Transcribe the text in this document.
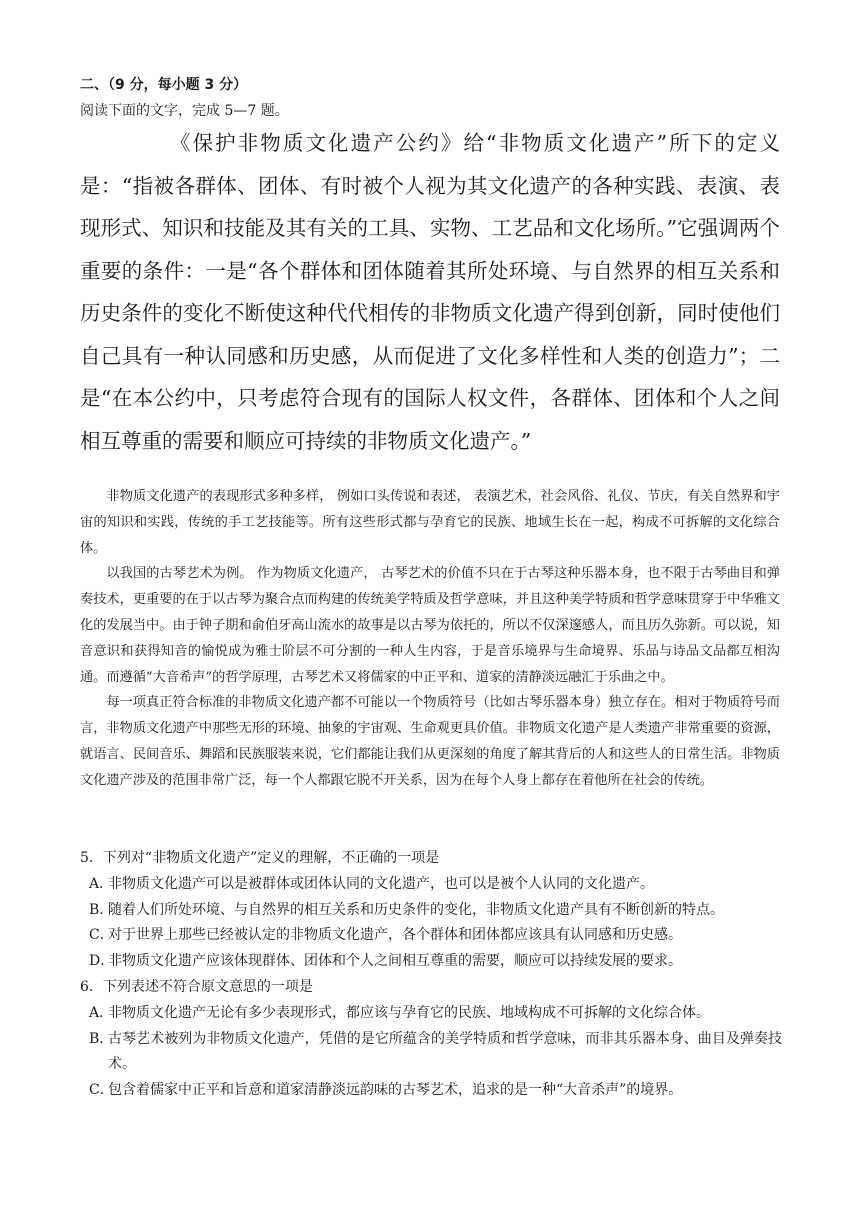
二、（9 分，每小题 3 分）
阅读下面的文字，完成 5—7 题。

《保护非物质文化遗产公约》给“非物质文化遗产”所下的定义是：“指被各群体、团体、有时被个人视为其文化遗产的各种实践、表演、表现形式、知识和技能及其有关的工具、实物、工艺品和文化场所。”它强调两个重要的条件：一是“各个群体和团体随着其所处环境、与自然界的相互关系和历史条件的变化不断使这种代代相传的非物质文化遗产得到创新，同时使他们自己具有一种认同感和历史感，从而促进了文化多样性和人类的创造力”；二是“在本公约中，只考虑符合现有的国际人权文件，各群体、团体和个人之间相互尊重的需要和顺应可持续的非物质文化遗产。”

非物质文化遗产的表现形式多种多样， 例如口头传说和表述， 表演艺术，社会风俗、礼仪、节庆，有关自然界和宇宙的知识和实践，传统的手工艺技能等。所有这些形式都与孕育它的民族、地域生长在一起，构成不可拆解的文化综合体。

以我国的古琴艺术为例。 作为物质文化遗产， 古琴艺术的价值不只在于古琴这种乐器本身，也不限于古琴曲目和弹奏技术，更重要的在于以古琴为聚合点而构建的传统美学特质及哲学意味，并且这种美学特质和哲学意味贯穿于中华雅文化的发展当中。由于钟子期和俞伯牙高山流水的故事是以古琴为依托的，所以不仅深邃感人，而且历久弥新。可以说，知音意识和获得知音的愉悦成为雅士阶层不可分割的一种人生内容，于是音乐境界与生命境界、乐品与诗品文品都互相沟通。而遵循“大音希声”的哲学原理，古琴艺术又将儒家的中正平和、道家的清静淡远融汇于乐曲之中。

每一项真正符合标准的非物质文化遗产都不可能以一个物质符号（比如古琴乐器本身）独立存在。相对于物质符号而言，非物质文化遗产中那些无形的环境、抽象的宇宙观、生命观更具价值。非物质文化遗产是人类遗产非常重要的资源，就语言、民间音乐、舞蹈和民族服装来说，它们都能让我们从更深刻的角度了解其背后的人和这些人的日常生活。非物质文化遗产涉及的范围非常广泛，每一个人都跟它脱不开关系，因为在每个人身上都存在着他所在社会的传统。

5．下列对“非物质文化遗产”定义的理解，不正确的一项是

A．非物质文化遗产可以是被群体或团体认同的文化遗产，也可以是被个人认同的文化遗产。

B．随着人们所处环境、与自然界的相互关系和历史条件的变化，非物质文化遗产具有不断创新的特点。

C．对于世界上那些已经被认定的非物质文化遗产，各个群体和团体都应该具有认同感和历史感。

D．非物质文化遗产应该体现群体、团体和个人之间相互尊重的需要，顺应可以持续发展的要求。

6．下列表述不符合原文意思的一项是

A．非物质文化遗产无论有多少表现形式，都应该与孕育它的民族、地域构成不可拆解的文化综合体。

B．古琴艺术被列为非物质文化遗产，凭借的是它所蕴含的美学特质和哲学意味，而非其乐器本身、曲目及弹奏技术。

C．包含着儒家中正平和旨意和道家清静淡远韵味的古琴艺术，追求的是一种“大音杀声”的境界。
